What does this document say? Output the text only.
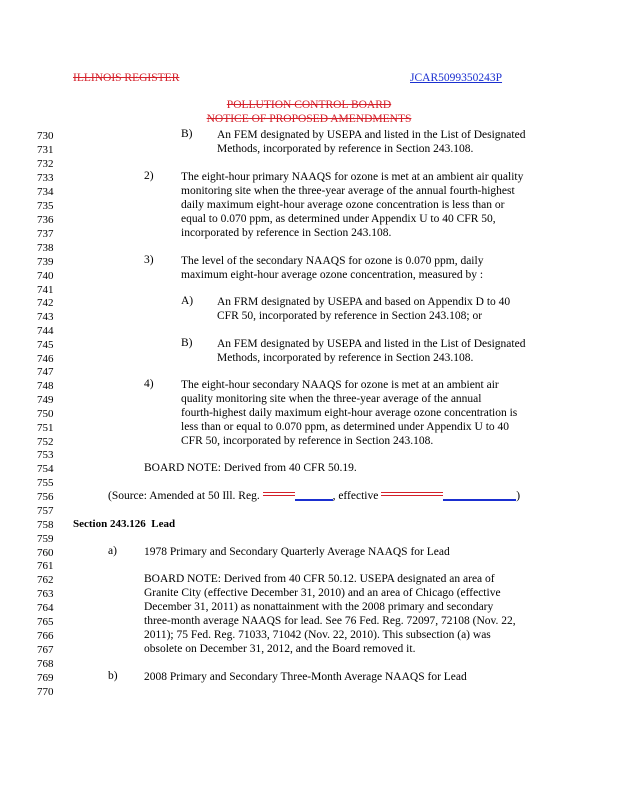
ILLINOIS REGISTER	JCAR5099350243P
POLLUTION CONTROL BOARD
NOTICE OF PROPOSED AMENDMENTS
730
731
732
733
734
735
736
737
738
739
740
741
742
743
744
745
746
747
748
749
750
751
752
753
754
755
756
757
758
759
760
761
762
763
764
765
766
767
768
769
770
B) An FEM designated by USEPA and listed in the List of Designated
Methods, incorporated by reference in Section 243.108.
2) The eight-hour primary NAAQS for ozone is met at an ambient air quality
monitoring site when the three-year average of the annual fourth-highest
daily maximum eight-hour average ozone concentration is less than or
equal to 0.070 ppm, as determined under Appendix U to 40 CFR 50,
incorporated by reference in Section 243.108.
3) The level of the secondary NAAQS for ozone is 0.070 ppm, daily
maximum eight-hour average ozone concentration, measured by :
A) An FRM designated by USEPA and based on Appendix D to 40
CFR 50, incorporated by reference in Section 243.108; or
B) An FEM designated by USEPA and listed in the List of Designated
Methods, incorporated by reference in Section 243.108.
4) The eight-hour secondary NAAQS for ozone is met at an ambient air
quality monitoring site when the three-year average of the annual
fourth-highest daily maximum eight-hour average ozone concentration is
less than or equal to 0.070 ppm, as determined under Appendix U to 40
CFR 50, incorporated by reference in Section 243.108.
BOARD NOTE: Derived from 40 CFR 50.19.
(Source: Amended at 50 Ill. Reg.	, effective	)
Section 243.126 Lead
a) 1978 Primary and Secondary Quarterly Average NAAQS for Lead
BOARD NOTE: Derived from 40 CFR 50.12. USEPA designated an area of
Granite City (effective December 31, 2010) and an area of Chicago (effective
December 31, 2011) as nonattainment with the 2008 primary and secondary
three-month average NAAQS for lead. See 76 Fed. Reg. 72097, 72108 (Nov. 22,
2011); 75 Fed. Reg. 71033, 71042 (Nov. 22, 2010). This subsection (a) was
obsolete on December 31, 2012, and the Board removed it.
b) 2008 Primary and Secondary Three-Month Average NAAQS for Lead
